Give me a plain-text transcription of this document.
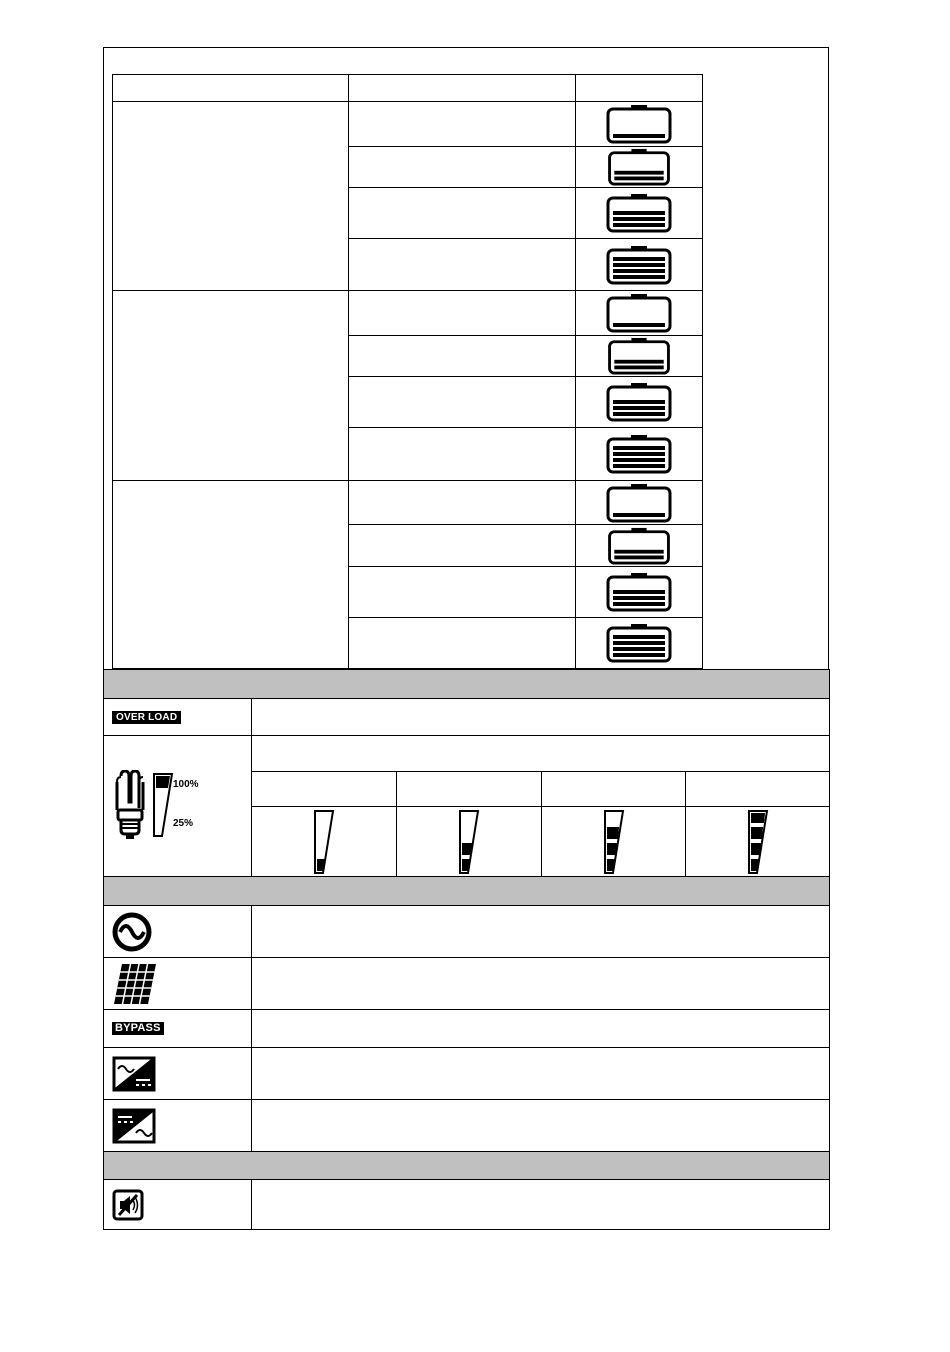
OVER LOAD
100%
25%
BYPASS
